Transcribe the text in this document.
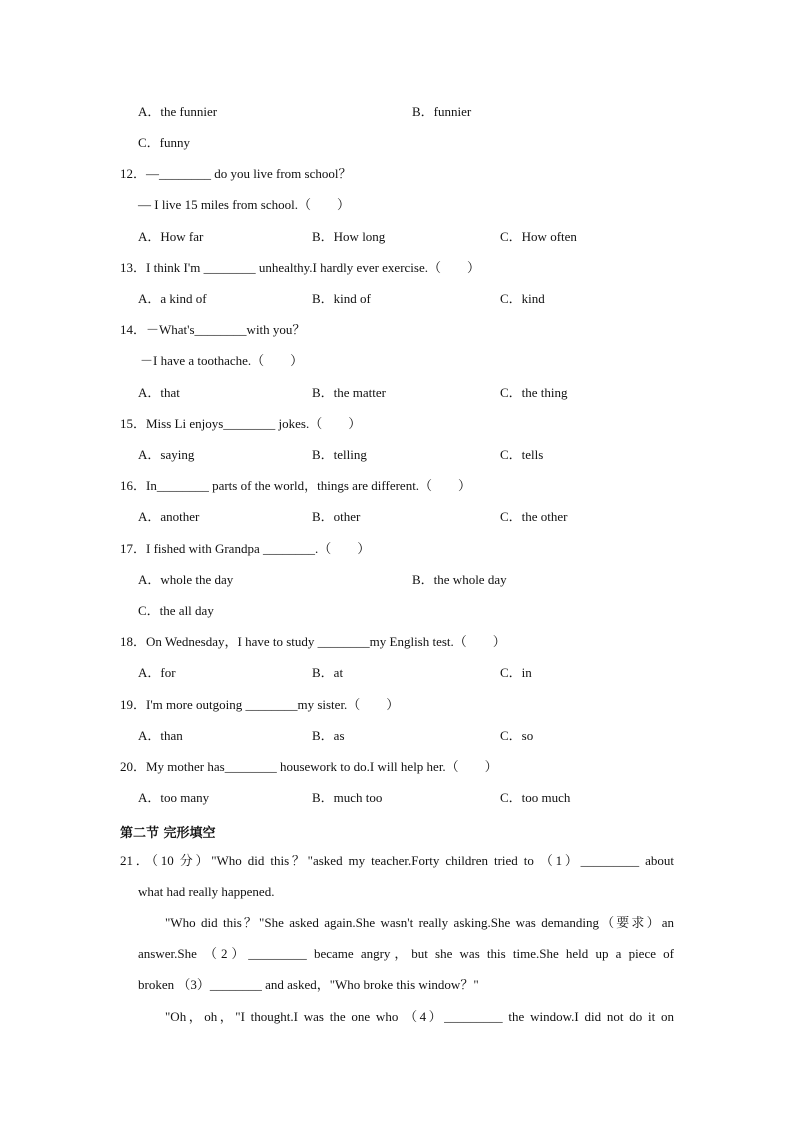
A．the funnier	B．funnier
C．funny
12．—________ do you live from school？
— I live 15 miles from school.（　　）
A．How far	B．How long	C．How often
13．I think I'm ________ unhealthy.I hardly ever exercise.（　　）
A．a kind of	B．kind of	C．kind
14．－What's________with you？
－I have a toothache.（　　）
A．that	B．the matter	C．the thing
15．Miss Li enjoys________ jokes.（　　）
A．saying	B．telling	C．tells
16．In________ parts of the world，things are different.（　　）
A．another	B．other	C．the other
17．I fished with Grandpa ________.（　　）
A．whole the day	B．the whole day
C．the all day
18．On Wednesday，I have to study ________my English test.（　　）
A．for	B．at	C．in
19．I'm more outgoing ________my sister.（　　）
A．than	B．as	C．so
20．My mother has________ housework to do.I will help her.（　　）
A．too many	B．much too	C．too much
第二节 完形填空
21．（10 分）"Who did this？"asked my teacher.Forty children tried to （1）_________ about
what had really happened.
"Who did this？"She asked again.She wasn't really asking.She was demanding（要求）an
answer.She （2）_________ became angry，but she was this time.She held up a piece of
broken （3）________ and asked，"Who broke this window？"
"Oh，oh，"I thought.I was the one who （4）_________ the window.I did not do it on
